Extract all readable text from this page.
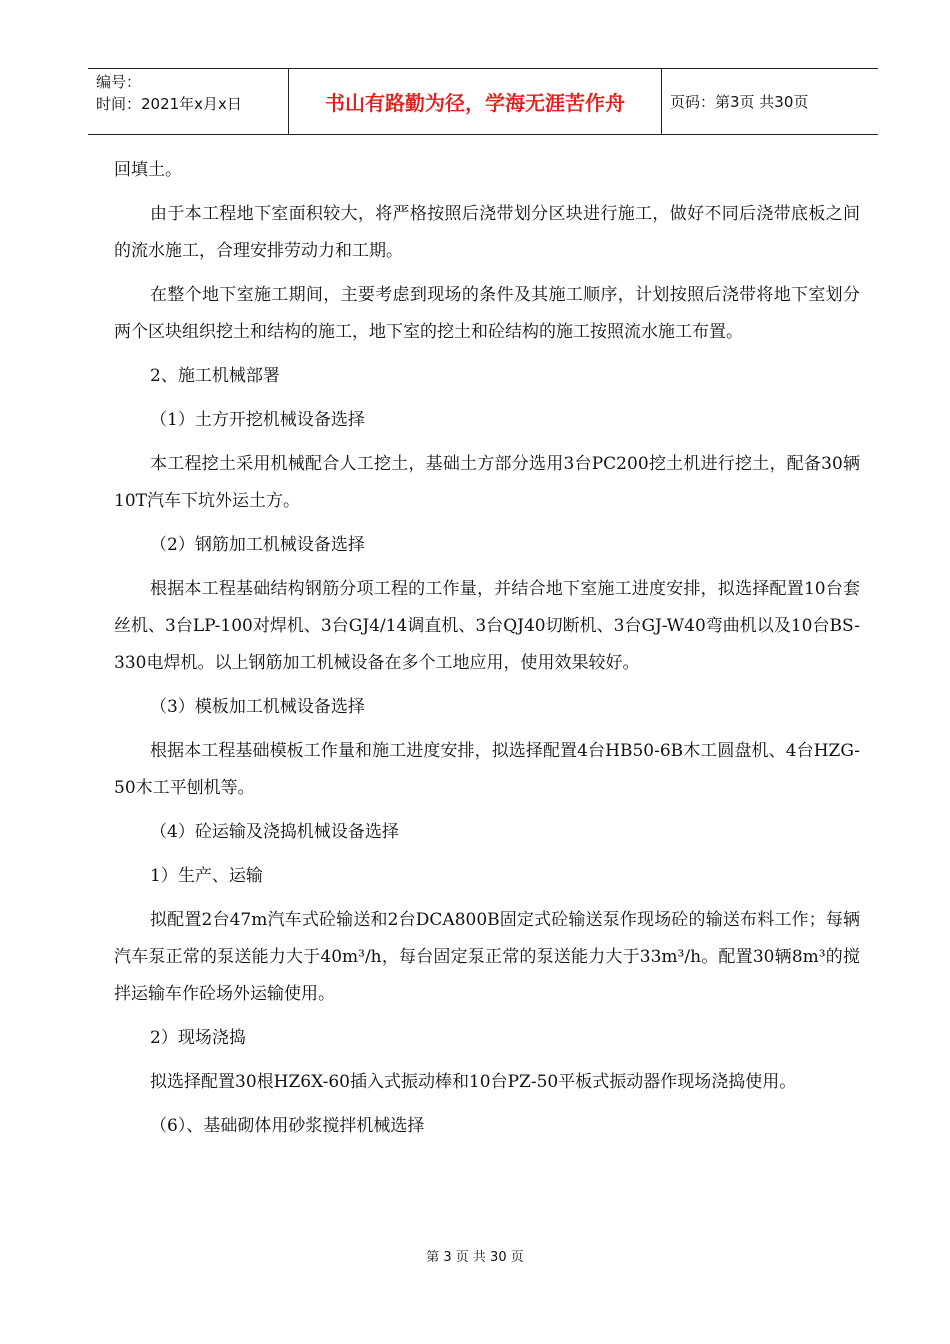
编号：
时间：2021年x月x日	书山有路勤为径，学海无涯苦作舟	页码：第3页 共30页

回填土。

由于本工程地下室面积较大，将严格按照后浇带划分区块进行施工，做好不同后浇带底板之间的流水施工，合理安排劳动力和工期。

在整个地下室施工期间，主要考虑到现场的条件及其施工顺序，计划按照后浇带将地下室划分两个区块组织挖土和结构的施工，地下室的挖土和砼结构的施工按照流水施工布置。

2、施工机械部署

（1）土方开挖机械设备选择

本工程挖土采用机械配合人工挖土，基础土方部分选用3台PC200挖土机进行挖土，配备30辆10T汽车下坑外运土方。

（2）钢筋加工机械设备选择

根据本工程基础结构钢筋分项工程的工作量，并结合地下室施工进度安排，拟选择配置10台套丝机、3台LP-100对焊机、3台GJ4/14调直机、3台QJ40切断机、3台GJ-W40弯曲机以及10台BS-330电焊机。以上钢筋加工机械设备在多个工地应用，使用效果较好。

（3）模板加工机械设备选择

根据本工程基础模板工作量和施工进度安排，拟选择配置4台HB50-6B木工圆盘机、4台HZG-50木工平刨机等。

（4）砼运输及浇捣机械设备选择

1）生产、运输

拟配置2台47m汽车式砼输送和2台DCA800B固定式砼输送泵作现场砼的输送布料工作；每辆汽车泵正常的泵送能力大于40m³/h，每台固定泵正常的泵送能力大于33m³/h。配置30辆8m³的搅拌运输车作砼场外运输使用。

2）现场浇捣

拟选择配置30根HZ6X-60插入式振动棒和10台PZ-50平板式振动器作现场浇捣使用。

（6）、基础砌体用砂浆搅拌机械选择

第 3 页 共 30 页
